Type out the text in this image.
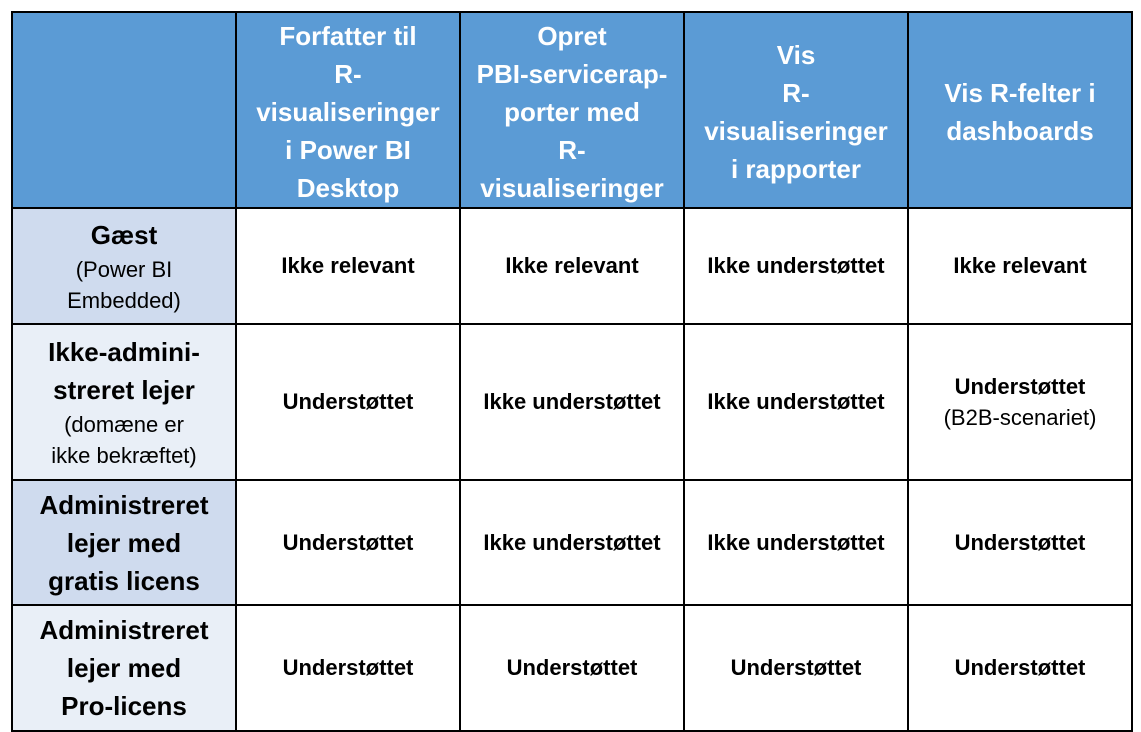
	Forfatter til
R-visualiseringer
i Power BI
Desktop	Opret
PBI-servicerap-
porter med
R-visualiseringer	Vis
R-visualiseringer
i rapporter	Vis R-felter i
dashboards

Gæst
(Power BI
Embedded)	Ikke relevant	Ikke relevant	Ikke understøttet	Ikke relevant

Ikke-admini-
streret lejer
(domæne er
ikke bekræftet)	Understøttet	Ikke understøttet	Ikke understøttet	Understøttet
(B2B-scenariet)

Administreret
lejer med
gratis licens	Understøttet	Ikke understøttet	Ikke understøttet	Understøttet

Administreret
lejer med
Pro-licens	Understøttet	Understøttet	Understøttet	Understøttet
